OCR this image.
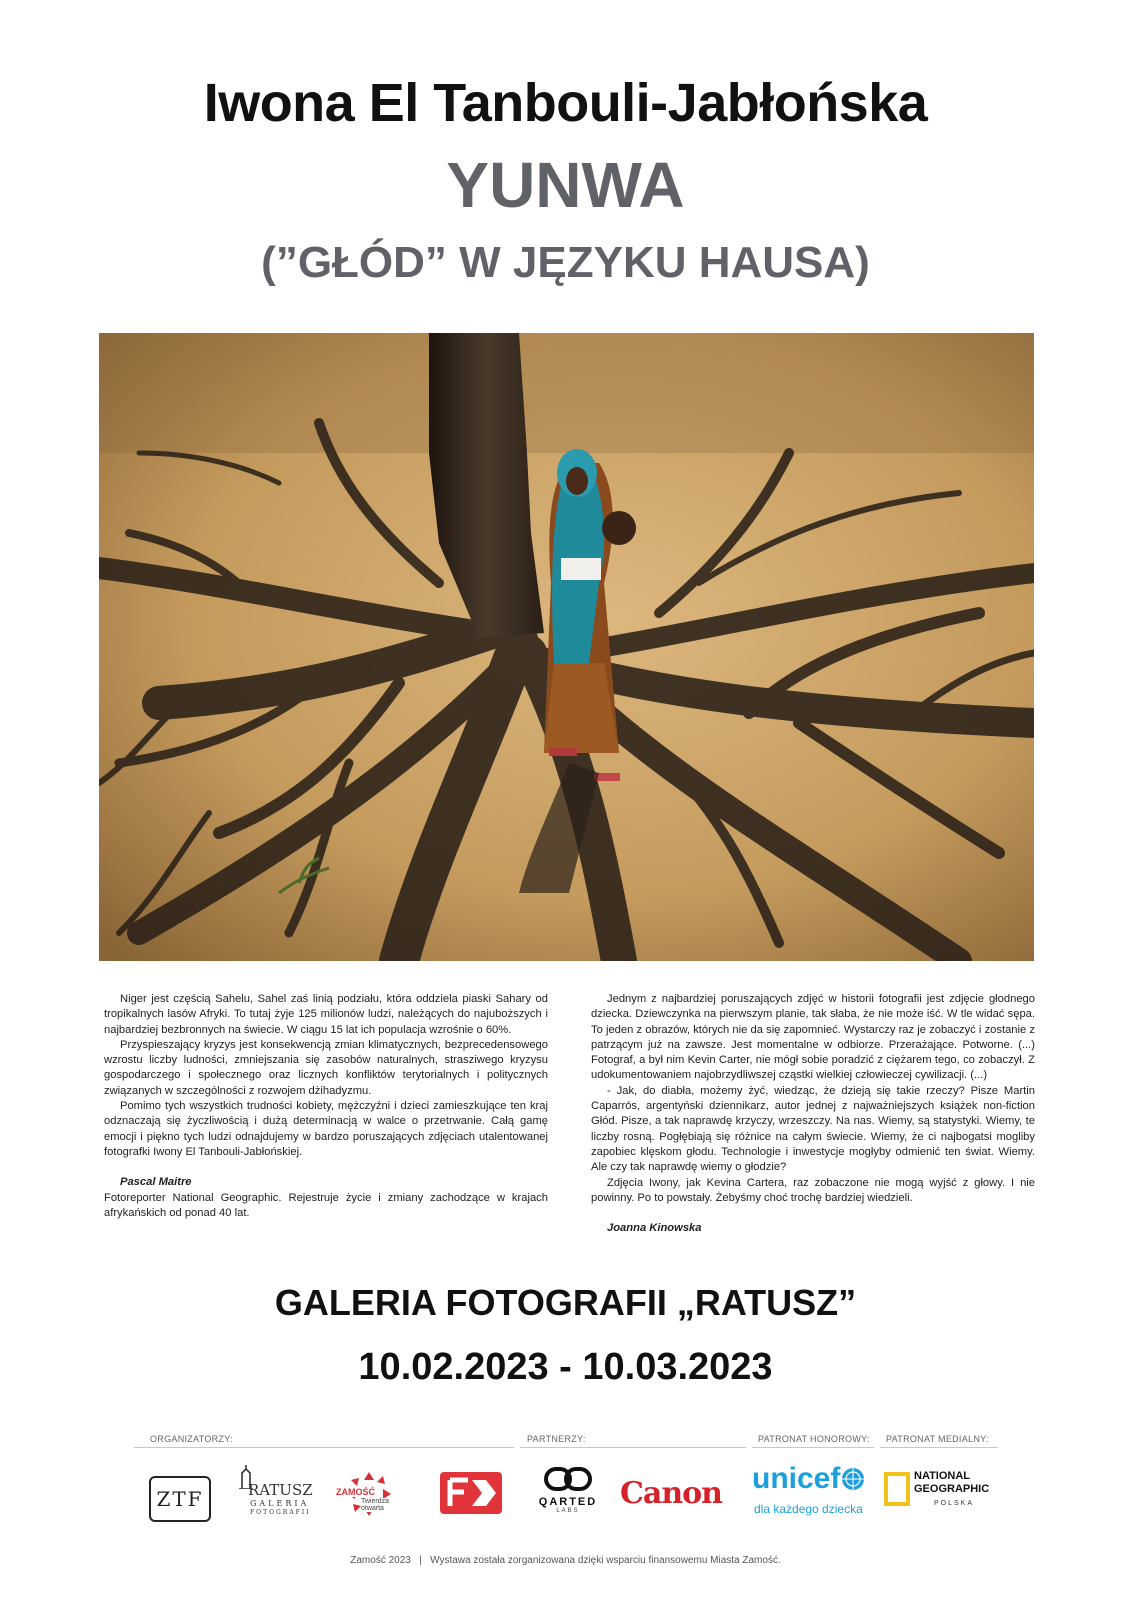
Iwona El Tanbouli-Jabłońska
YUNWA
(”GŁÓD” W JĘZYKU HAUSA)

Niger jest częścią Sahelu, Sahel zaś linią podziału, która oddziela piaski Sahary od tropikalnych lasów Afryki. To tutaj żyje 125 milionów ludzi, należących do najuboższych i najbardziej bezbronnych na świecie. W ciągu 15 lat ich populacja wzrośnie o 60%.

Przyspieszający kryzys jest konsekwencją zmian klimatycznych, bezprecedensowego wzrostu liczby ludności, zmniejszania się zasobów naturalnych, strasziwego kryzysu gospodarczego i społecznego oraz licznych konfliktów terytorialnych i politycznych związanych w szczególności z rozwojem dżihadyzmu.

Pomimo tych wszystkich trudności kobiety, mężczyźni i dzieci zamieszkujące ten kraj odznaczają się życzliwością i dużą determinacją w walce o przetrwanie. Całą gamę emocji i piękno tych ludzi odnajdujemy w bardzo poruszających zdjęciach utalentowanej fotografki Iwony El Tanbouli-Jabłońskiej.

Pascal Maitre

Fotoreporter National Geographic. Rejestruje życie i zmiany zachodzące w krajach afrykańskich od ponad 40 lat.

Jednym z najbardziej poruszających zdjęć w historii fotografii jest zdjęcie głodnego dziecka. Dziewczynka na pierwszym planie, tak słaba, że nie może iść. W tle widać sępa. To jeden z obrazów, których nie da się zapomnieć. Wystarczy raz je zobaczyć i zostanie z patrzącym już na zawsze. Jest momentalne w odbiorze. Przerażające. Potworne. (...) Fotograf, a był nim Kevin Carter, nie mógł sobie poradzić z ciężarem tego, co zobaczył. Z udokumentowaniem najobrzydliwszej cząstki wielkiej człowieczej cywilizacji. (...)

- Jak, do diabła, możemy żyć, wiedząc, że dzieją się takie rzeczy? Pisze Martin Caparrós, argentyński dziennikarz, autor jednej z najważniejszych książek non-fiction Głód. Pisze, a tak naprawdę krzyczy, wrzeszczy. Na nas. Wiemy, są statystyki. Wiemy, te liczby rosną. Pogłębiają się różnice na całym świecie. Wiemy, że ci najbogatsi mogliby zapobiec klęskom głodu. Technologie i inwestycje mogłyby odmienić ten świat. Wiemy. Ale czy tak naprawdę wiemy o głodzie?

Zdjęcia Iwony, jak Kevina Cartera, raz zobaczone nie mogą wyjść z głowy. I nie powinny. Po to powstały. Żebyśmy choć trochę bardziej wiedzieli.

Joanna Kinowska

GALERIA FOTOGRAFII „RATUSZ”
10.02.2023 - 10.03.2023
ORGANIZATORZY:	PARTNERZY:	PATRONAT HONOROWY: PATRONAT MEDIALNY:
ZTF	RATUSZ
GALERIA
FOTOGRAFII
ZAMOŚĆ
Twierdza otwarta
QARTED
LABS	Canon unicef
dla każdego dziecka
NATIONAL
GEOGRAPHIC
POLSKA
Zamość 2023   |   Wystawa została zorganizowana dzięki wsparciu finansowemu Miasta Zamość.
